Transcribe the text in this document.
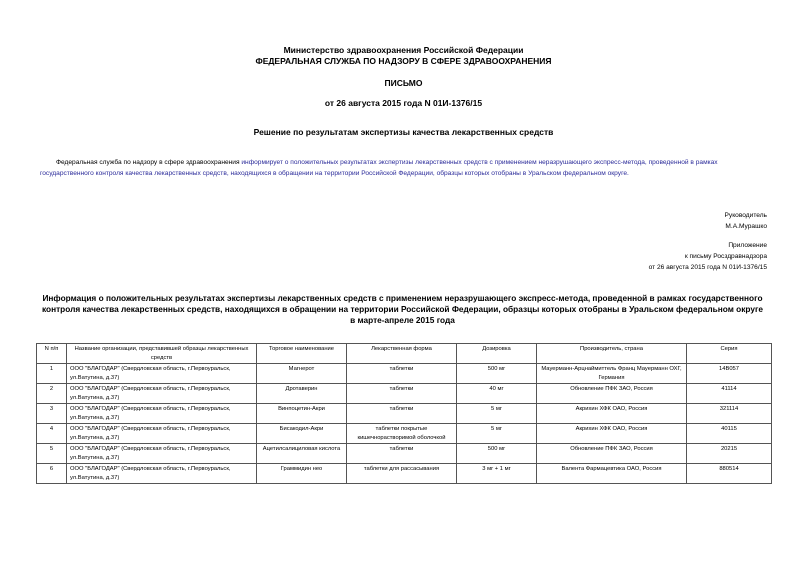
Министерство здравоохранения Российской Федерации
ФЕДЕРАЛЬНАЯ СЛУЖБА ПО НАДЗОРУ В СФЕРЕ ЗДРАВООХРАНЕНИЯ
ПИСЬМО
от 26 августа 2015 года N 01И-1376/15
Решение по результатам экспертизы качества лекарственных средств
Федеральная служба по надзору в сфере здравоохранения информирует о положительных результатах экспертизы лекарственных средств с применением неразрушающего экспресс-метода, проведенной в рамках государственного контроля качества лекарственных средств, находящихся в обращении на территории Российской Федерации, образцы которых отобраны в Уральском федеральном округе.
Руководитель
М.А.Мурашко
Приложение
к письму Росздравнадзора
от 26 августа 2015 года N 01И-1376/15
Информация о положительных результатах экспертизы лекарственных средств с применением неразрушающего экспресс-метода, проведенной в рамках государственного контроля качества лекарственных средств, находящихся в обращении на территории Российской Федерации, образцы которых отобраны в Уральском федеральном округе в марте-апреле 2015 года
N п/п	Название организации, представившей образцы лекарственных средств	Торговое наименование	Лекарственная форма	Дозировка	Производитель, страна	Серия
1	ООО "БЛАГОДАР" (Свердловская область, г.Первоуральск, ул.Ватутина, д.37)	Магнерот	таблетки	500 мг	Мауерманн-Арцнаймиттель Франц Мауерманн ОХГ, Германия	14В057
2	ООО "БЛАГОДАР" (Свердловская область, г.Первоуральск, ул.Ватутина, д.37)	Дротаверин	таблетки	40 мг	Обновление ПФК ЗАО, Россия	41114
3	ООО "БЛАГОДАР" (Свердловская область, г.Первоуральск, ул.Ватутина, д.37)	Винпоцетин-Акри	таблетки	5 мг	Акрихин ХФК ОАО, Россия	321114
4	ООО "БЛАГОДАР" (Свердловская область, г.Первоуральск, ул.Ватутина, д.37)	Бисакодил-Акри	таблетки покрытые кишечнорастворимой оболочкой	5 мг	Акрихин ХФК ОАО, Россия	40115
5	ООО "БЛАГОДАР" (Свердловская область, г.Первоуральск, ул.Ватутина, д.37)	Ацетилсалициловая кислота	таблетки	500 мг	Обновление ПФК ЗАО, Россия	20215
6	ООО "БЛАГОДАР" (Свердловская область, г.Первоуральск, ул.Ватутина, д.37)	Граммидин нео	таблетки для рассасывания	3 мг + 1 мг	Валента Фармацевтика ОАО, Россия	880514
